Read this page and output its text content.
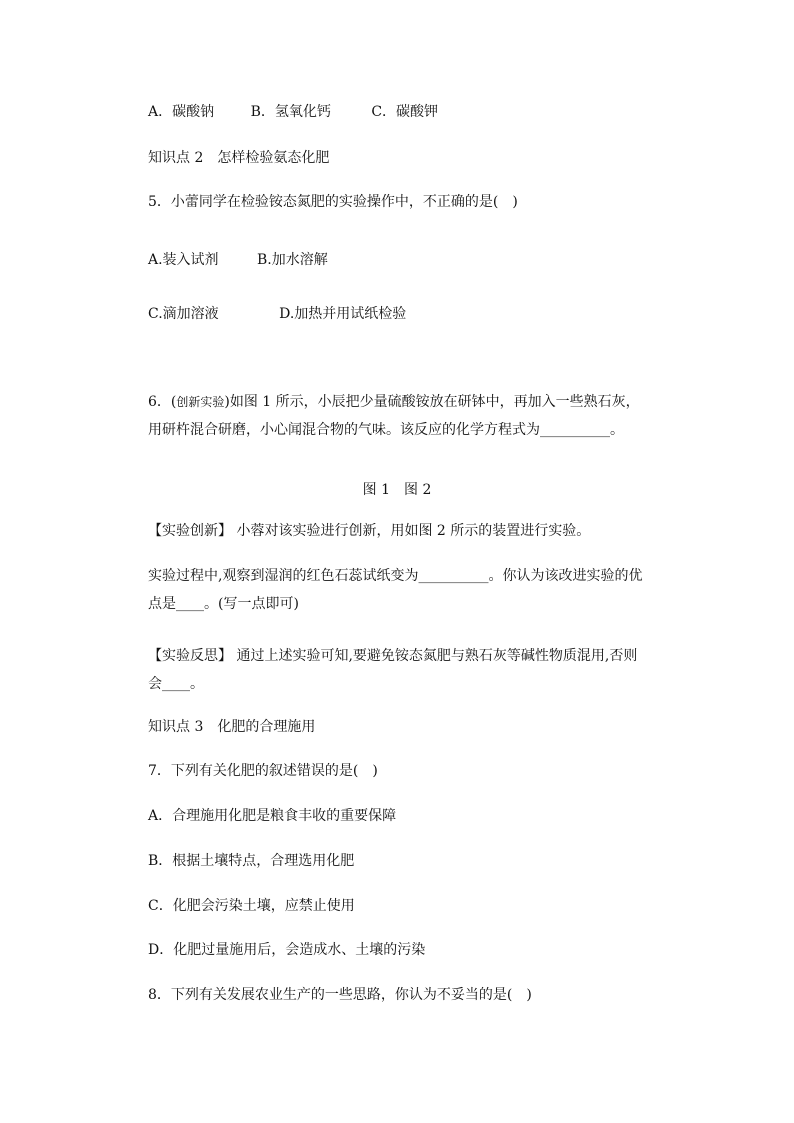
A．碳酸钠	B．氢氧化钙	C．碳酸钾
知识点 2　怎样检验氨态化肥
5．小蕾同学在检验铵态氮肥的实验操作中，不正确的是(　)
A.装入试剂	B.加水溶解
C.滴加溶液	D.加热并用试纸检验
6．(创新实验)如图 1 所示，小辰把少量硫酸铵放在研钵中，再加入一些熟石灰，用研杵混合研磨，小心闻混合物的气味。该反应的化学方程式为__________。
图 1　图 2
【实验创新】 小蓉对该实验进行创新，用如图 2 所示的装置进行实验。
实验过程中,观察到湿润的红色石蕊试纸变为__________。你认为该改进实验的优点是____。(写一点即可)
【实验反思】 通过上述实验可知,要避免铵态氮肥与熟石灰等碱性物质混用,否则会____。
知识点 3　化肥的合理施用
7．下列有关化肥的叙述错误的是(　)
A．合理施用化肥是粮食丰收的重要保障
B．根据土壤特点，合理选用化肥
C．化肥会污染土壤，应禁止使用
D．化肥过量施用后，会造成水、土壤的污染
8．下列有关发展农业生产的一些思路，你认为不妥当的是(　)
